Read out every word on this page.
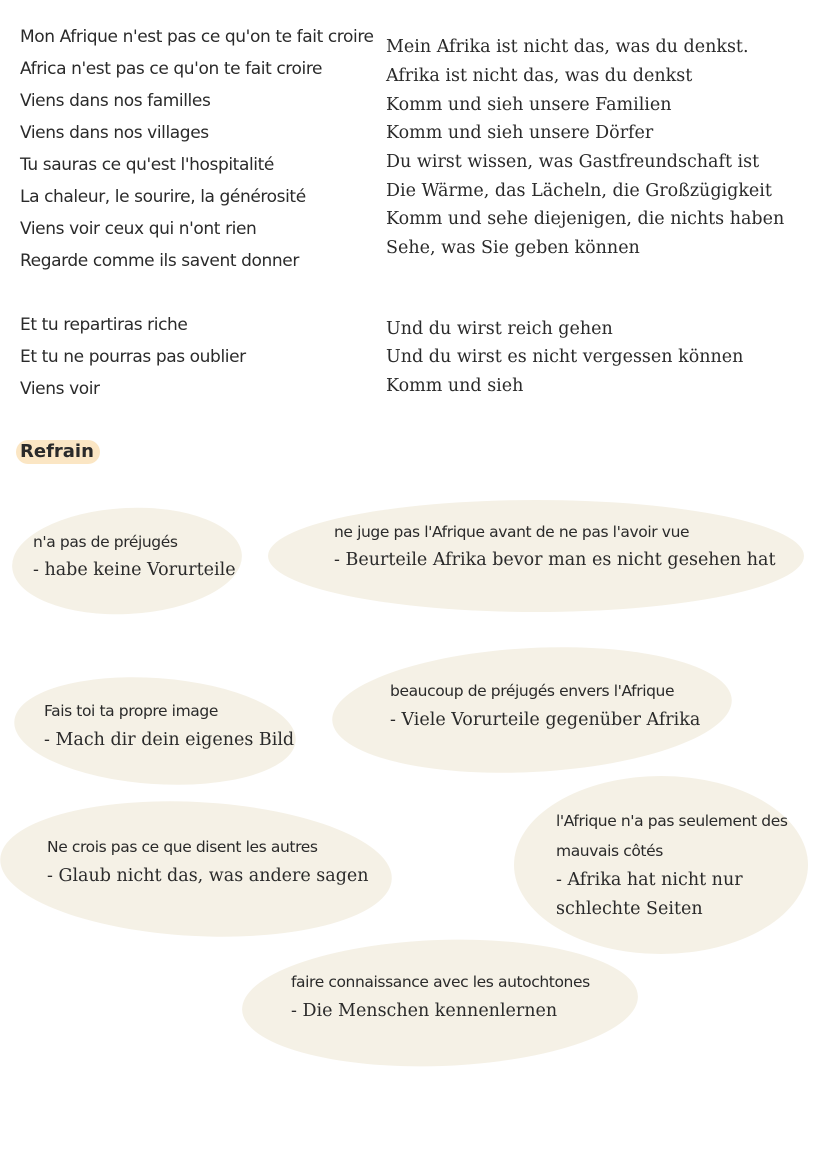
Mon Afrique n'est pas ce qu'on te fait croire

Africa n'est pas ce qu'on te fait croire

Viens dans nos familles

Viens dans nos villages

Tu sauras ce qu'est l'hospitalité

La chaleur, le sourire, la générosité

Viens voir ceux qui n'ont rien

Regarde comme ils savent donner

Et tu repartiras riche

Et tu ne pourras pas oublier

Viens voir

Mein Afrika ist nicht das, was du denkst.

Afrika ist nicht das, was du denkst

Komm und sieh unsere Familien

Komm und sieh unsere Dörfer

Du wirst wissen, was Gastfreundschaft ist

Die Wärme, das Lächeln, die Großzügigkeit

Komm und sehe diejenigen, die nichts haben

Sehe, was Sie geben können

Und du wirst reich gehen

Und du wirst es nicht vergessen können

Komm und sieh

Refrain

n'a pas de préjugés

- habe keine Vorurteile

ne juge pas l'Afrique avant de ne pas l'avoir vue

- Beurteile Afrika bevor man es nicht gesehen hat

beaucoup de préjugés envers l'Afrique

- Viele Vorurteile gegenüber Afrika

Fais toi ta propre image

- Mach dir dein eigenes Bild

l'Afrique n'a pas seulement des

mauvais côtés

- Afrika hat nicht nur

schlechte Seiten

Ne crois pas ce que disent les autres

- Glaub nicht das, was andere sagen

faire connaissance avec les autochtones

- Die Menschen kennenlernen
